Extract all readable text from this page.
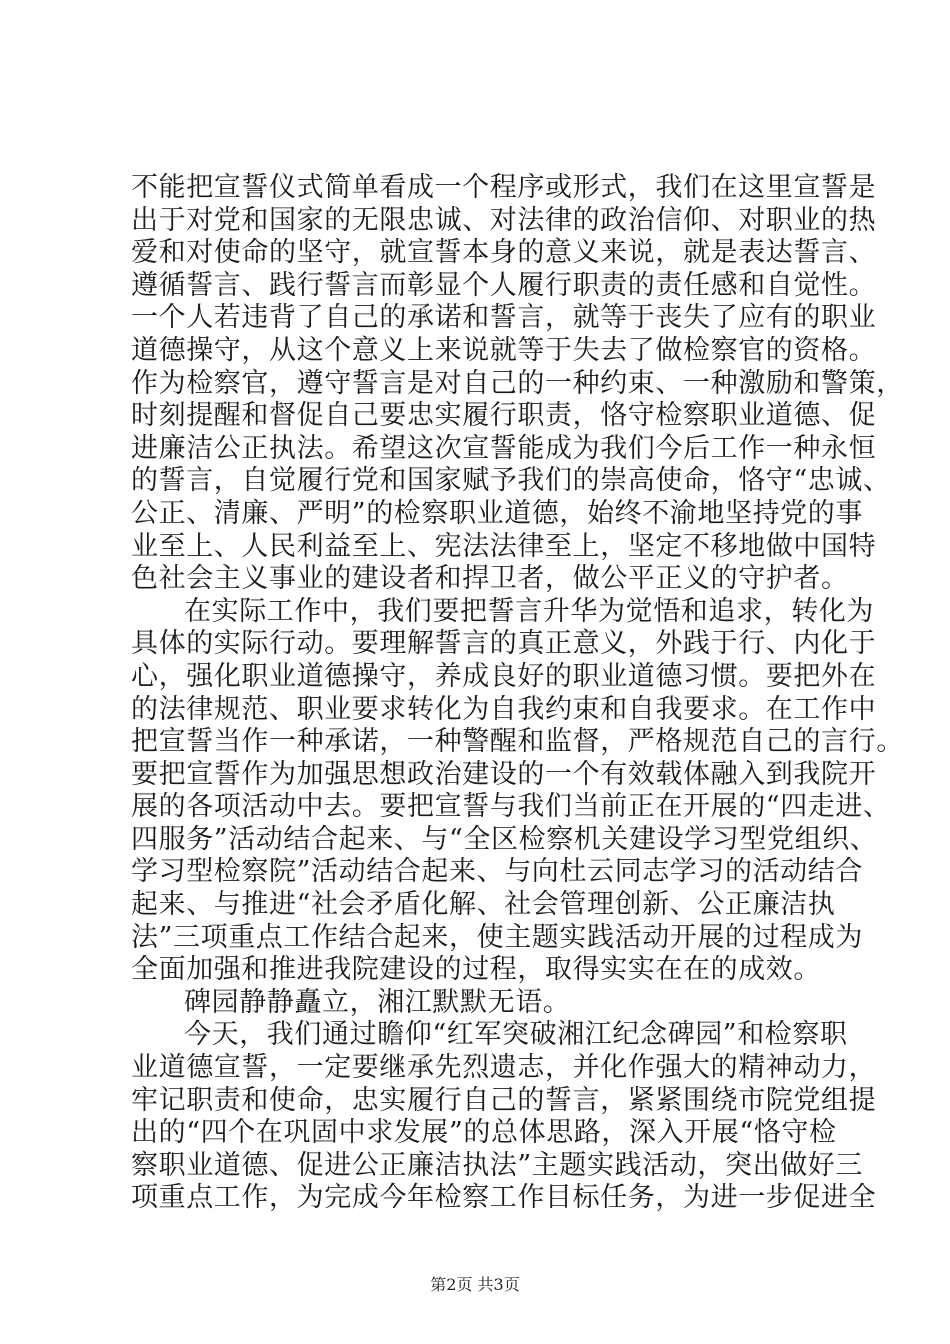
不能把宣誓仪式简单看成一个程序或形式，我们在这里宣誓是
出于对党和国家的无限忠诚、对法律的政治信仰、对职业的热
爱和对使命的坚守，就宣誓本身的意义来说，就是表达誓言、
遵循誓言、践行誓言而彰显个人履行职责的责任感和自觉性。
一个人若违背了自己的承诺和誓言，就等于丧失了应有的职业
道德操守，从这个意义上来说就等于失去了做检察官的资格。
作为检察官，遵守誓言是对自己的一种约束、一种激励和警策，
时刻提醒和督促自己要忠实履行职责，恪守检察职业道德、促
进廉洁公正执法。希望这次宣誓能成为我们今后工作一种永恒
的誓言，自觉履行党和国家赋予我们的崇高使命，恪守“忠诚、
公正、清廉、严明”的检察职业道德，始终不渝地坚持党的事
业至上、人民利益至上、宪法法律至上，坚定不移地做中国特
色社会主义事业的建设者和捍卫者，做公平正义的守护者。
在实际工作中，我们要把誓言升华为觉悟和追求，转化为
具体的实际行动。要理解誓言的真正意义，外践于行、内化于
心，强化职业道德操守，养成良好的职业道德习惯。要把外在
的法律规范、职业要求转化为自我约束和自我要求。在工作中
把宣誓当作一种承诺，一种警醒和监督，严格规范自己的言行。
要把宣誓作为加强思想政治建设的一个有效载体融入到我院开
展的各项活动中去。要把宣誓与我们当前正在开展的“四走进、
四服务”活动结合起来、与“全区检察机关建设学习型党组织、
学习型检察院”活动结合起来、与向杜云同志学习的活动结合
起来、与推进“社会矛盾化解、社会管理创新、公正廉洁执
法”三项重点工作结合起来，使主题实践活动开展的过程成为
全面加强和推进我院建设的过程，取得实实在在的成效。
碑园静静矗立，湘江默默无语。
今天，我们通过瞻仰“红军突破湘江纪念碑园”和检察职
业道德宣誓，一定要继承先烈遗志，并化作强大的精神动力，
牢记职责和使命，忠实履行自己的誓言，紧紧围绕市院党组提
出的“四个在巩固中求发展”的总体思路，深入开展“恪守检
察职业道德、促进公正廉洁执法”主题实践活动，突出做好三
项重点工作，为完成今年检察工作目标任务，为进一步促进全
第2页 共3页
